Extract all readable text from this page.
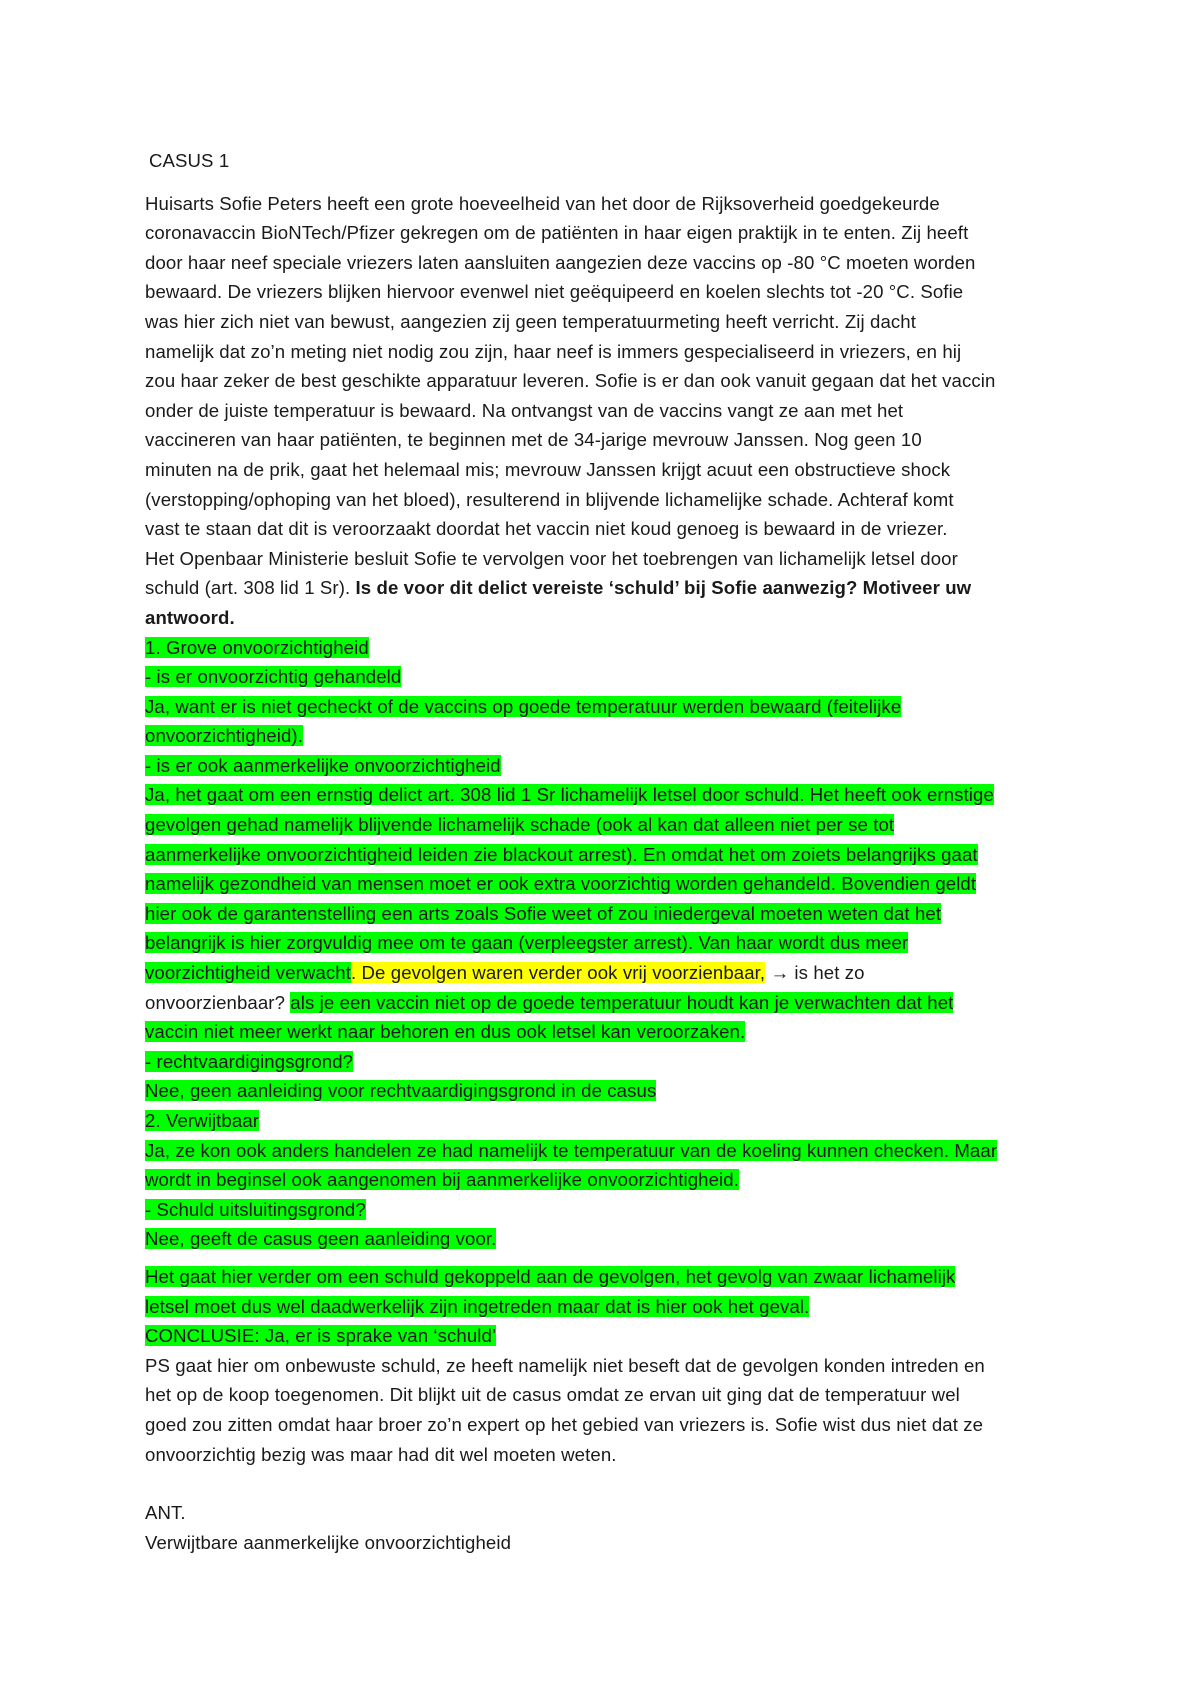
CASUS 1
Huisarts Sofie Peters heeft een grote hoeveelheid van het door de Rijksoverheid goedgekeurde
coronavaccin BioNTech/Pfizer gekregen om de patiënten in haar eigen praktijk in te enten. Zij heeft
door haar neef speciale vriezers laten aansluiten aangezien deze vaccins op -80 °C moeten worden
bewaard. De vriezers blijken hiervoor evenwel niet geëquipeerd en koelen slechts tot -20 °C. Sofie
was hier zich niet van bewust, aangezien zij geen temperatuurmeting heeft verricht. Zij dacht
namelijk dat zo’n meting niet nodig zou zijn, haar neef is immers gespecialiseerd in vriezers, en hij
zou haar zeker de best geschikte apparatuur leveren. Sofie is er dan ook vanuit gegaan dat het vaccin
onder de juiste temperatuur is bewaard. Na ontvangst van de vaccins vangt ze aan met het
vaccineren van haar patiënten, te beginnen met de 34-jarige mevrouw Janssen. Nog geen 10
minuten na de prik, gaat het helemaal mis; mevrouw Janssen krijgt acuut een obstructieve shock
(verstopping/ophoping van het bloed), resulterend in blijvende lichamelijke schade. Achteraf komt
vast te staan dat dit is veroorzaakt doordat het vaccin niet koud genoeg is bewaard in de vriezer.
Het Openbaar Ministerie besluit Sofie te vervolgen voor het toebrengen van lichamelijk letsel door
schuld (art. 308 lid 1 Sr). Is de voor dit delict vereiste ‘schuld’ bij Sofie aanwezig? Motiveer uw
antwoord.
1. Grove onvoorzichtigheid
- is er onvoorzichtig gehandeld
Ja, want er is niet gecheckt of de vaccins op goede temperatuur werden bewaard (feitelijke
onvoorzichtigheid).
- is er ook aanmerkelijke onvoorzichtigheid
Ja, het gaat om een ernstig delict art. 308 lid 1 Sr lichamelijk letsel door schuld. Het heeft ook ernstige
gevolgen gehad namelijk blijvende lichamelijk schade (ook al kan dat alleen niet per se tot
aanmerkelijke onvoorzichtigheid leiden zie blackout arrest). En omdat het om zoiets belangrijks gaat
namelijk gezondheid van mensen moet er ook extra voorzichtig worden gehandeld. Bovendien geldt
hier ook de garantenstelling een arts zoals Sofie weet of zou iniedergeval moeten weten dat het
belangrijk is hier zorgvuldig mee om te gaan (verpleegster arrest). Van haar wordt dus meer
voorzichtigheid verwacht. De gevolgen waren verder ook vrij voorzienbaar, → is het zo
onvoorzienbaar? als je een vaccin niet op de goede temperatuur houdt kan je verwachten dat het
vaccin niet meer werkt naar behoren en dus ook letsel kan veroorzaken.
- rechtvaardigingsgrond?
Nee, geen aanleiding voor rechtvaardigingsgrond in de casus
2. Verwijtbaar
Ja, ze kon ook anders handelen ze had namelijk te temperatuur van de koeling kunnen checken. Maar
wordt in beginsel ook aangenomen bij aanmerkelijke onvoorzichtigheid.
- Schuld uitsluitingsgrond?
Nee, geeft de casus geen aanleiding voor.
Het gaat hier verder om een schuld gekoppeld aan de gevolgen, het gevolg van zwaar lichamelijk
letsel moet dus wel daadwerkelijk zijn ingetreden maar dat is hier ook het geval.
CONCLUSIE: Ja, er is sprake van ‘schuld’
PS gaat hier om onbewuste schuld, ze heeft namelijk niet beseft dat de gevolgen konden intreden en
het op de koop toegenomen. Dit blijkt uit de casus omdat ze ervan uit ging dat de temperatuur wel
goed zou zitten omdat haar broer zo’n expert op het gebied van vriezers is. Sofie wist dus niet dat ze
onvoorzichtig bezig was maar had dit wel moeten weten.
ANT.
Verwijtbare aanmerkelijke onvoorzichtigheid
